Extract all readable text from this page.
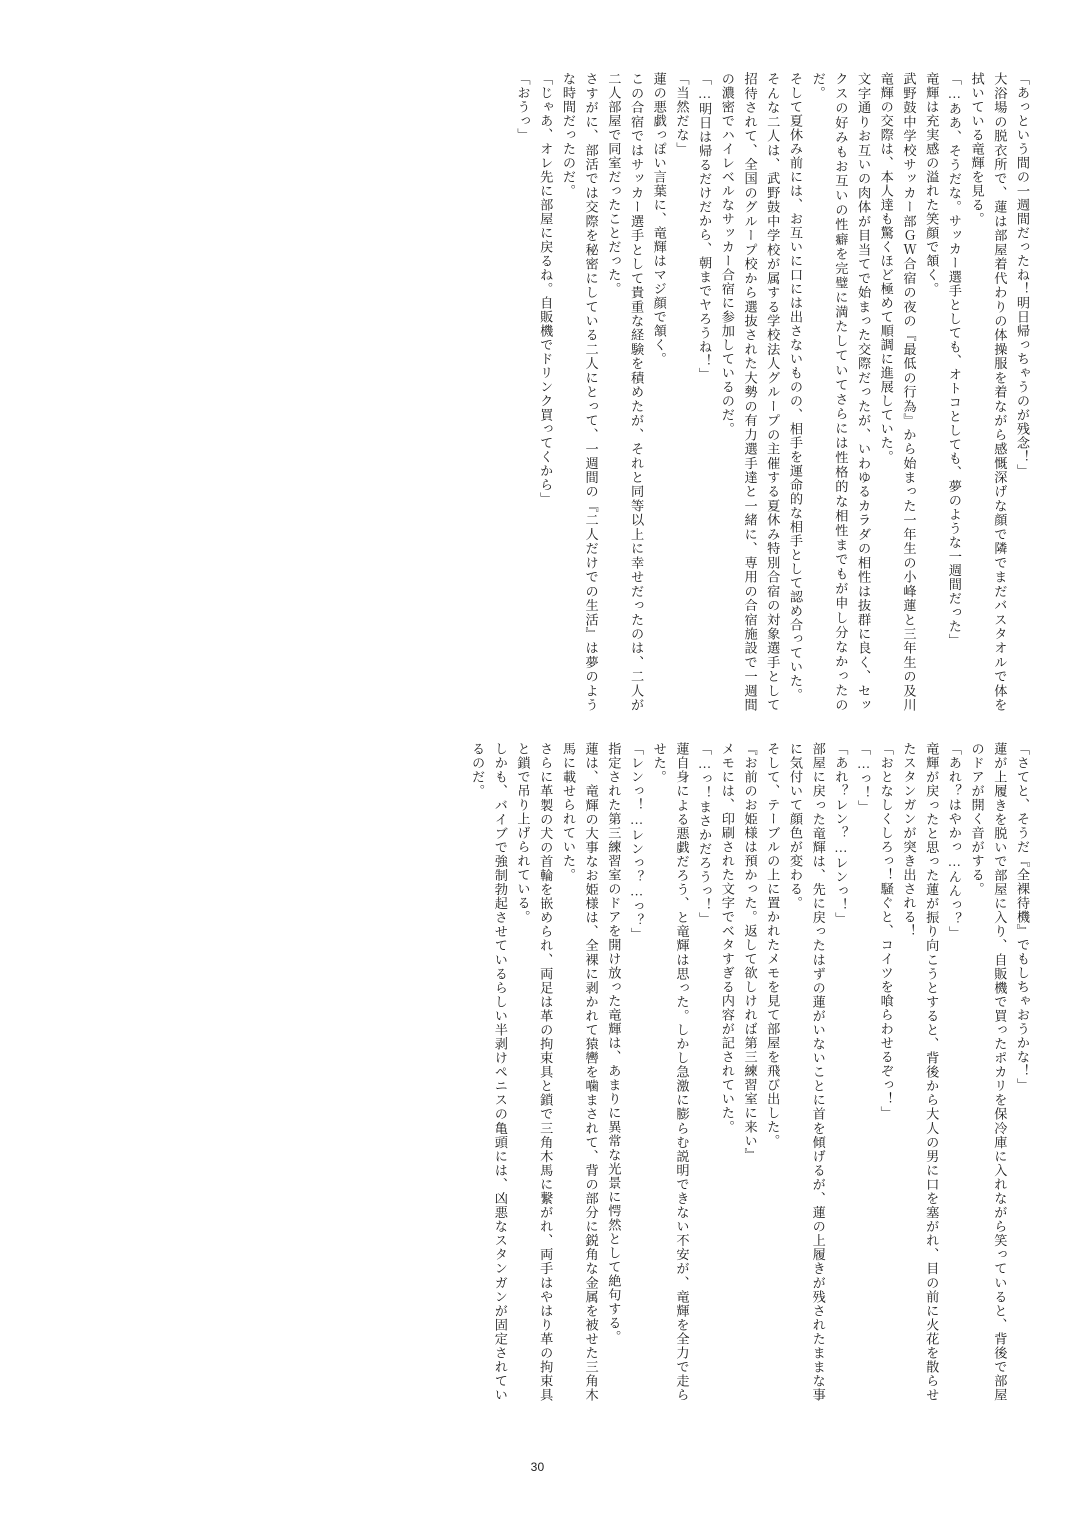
「あっという間の一週間だったね！明日帰っちゃうのが残念！」

大浴場の脱衣所で、蓮は部屋着代わりの体操服を着ながら感慨深げな顔で隣でまだバスタオルで体を拭いている竜輝を見る。

「…ああ、そうだな。サッカー選手としても、オトコとしても、夢のような一週間だった」

竜輝は充実感の溢れた笑顔で頷く。

武野鼓中学校サッカー部ＧＷ合宿の夜の『最低の行為』から始まった一年生の小峰蓮と三年生の及川竜輝の交際は、本人達も驚くほど極めて順調に進展していた。

文字通りお互いの肉体が目当てで始まった交際だったが、いわゆるカラダの相性は抜群に良く、セックスの好みもお互いの性癖を完璧に満たしていてさらには性格的な相性までもが申し分なかったのだ。

そして夏休み前には、お互いに口には出さないものの、相手を運命的な相手として認め合っていた。

そんな二人は、武野鼓中学校が属する学校法人グループの主催する夏休み特別合宿の対象選手として招待されて、全国のグループ校から選抜された大勢の有力選手達と一緒に、専用の合宿施設で一週間の濃密でハイレベルなサッカー合宿に参加しているのだ。

「…明日は帰るだけだから、朝までヤろうね！」

「当然だな」

蓮の悪戯っぽい言葉に、竜輝はマジ顔で頷く。

この合宿ではサッカー選手として貴重な経験を積めたが、それと同等以上に幸せだったのは、二人が二人部屋で同室だったことだった。

さすがに、部活では交際を秘密にしている二人にとって、一週間の『二人だけでの生活』は夢のような時間だったのだ。

「じゃあ、オレ先に部屋に戻るね。自販機でドリンク買ってくから」

「おうっ」

「さてと、そうだ『全裸待機』でもしちゃおうかな！」

蓮が上履きを脱いで部屋に入り、自販機で買ったポカリを保冷庫に入れながら笑っていると、背後で部屋のドアが開く音がする。

「あれ？はやかっ…んんっ？」

竜輝が戻ったと思った蓮が振り向こうとすると、背後から大人の男に口を塞がれ、目の前に火花を散らせたスタンガンが突き出される！

「おとなしくしろっ！騒ぐと、コイツを喰らわせるぞっ！」

「…っ！」

「あれ？レン？…レンっ！」

部屋に戻った竜輝は、先に戻ったはずの蓮がいないことに首を傾げるが、蓮の上履きが残されたままな事に気付いて顔色が変わる。

そして、テーブルの上に置かれたメモを見て部屋を飛び出した。

『お前のお姫様は預かった。返して欲しければ第三練習室に来い』

メモには、印刷された文字でベタすぎる内容が記されていた。

「…っ！まさかだろうっ！」

蓮自身による悪戯だろう、と竜輝は思った。しかし急激に膨らむ説明できない不安が、竜輝を全力で走らせた。

「レンっ！…レンっ？…っ？」

指定された第三練習室のドアを開け放った竜輝は、あまりに異常な光景に愕然として絶句する。

蓮は、竜輝の大事なお姫様は、全裸に剥かれて猿轡を噛まされて、背の部分に鋭角な金属を被せた三角木馬に載せられていた。

さらに革製の犬の首輪を嵌められ、両足は革の拘束具と鎖で三角木馬に繋がれ、両手はやはり革の拘束具と鎖で吊り上げられている。

しかも、バイブで強制勃起させているらしい半剥けペニスの亀頭には、凶悪なスタンガンが固定されているのだ。

30
